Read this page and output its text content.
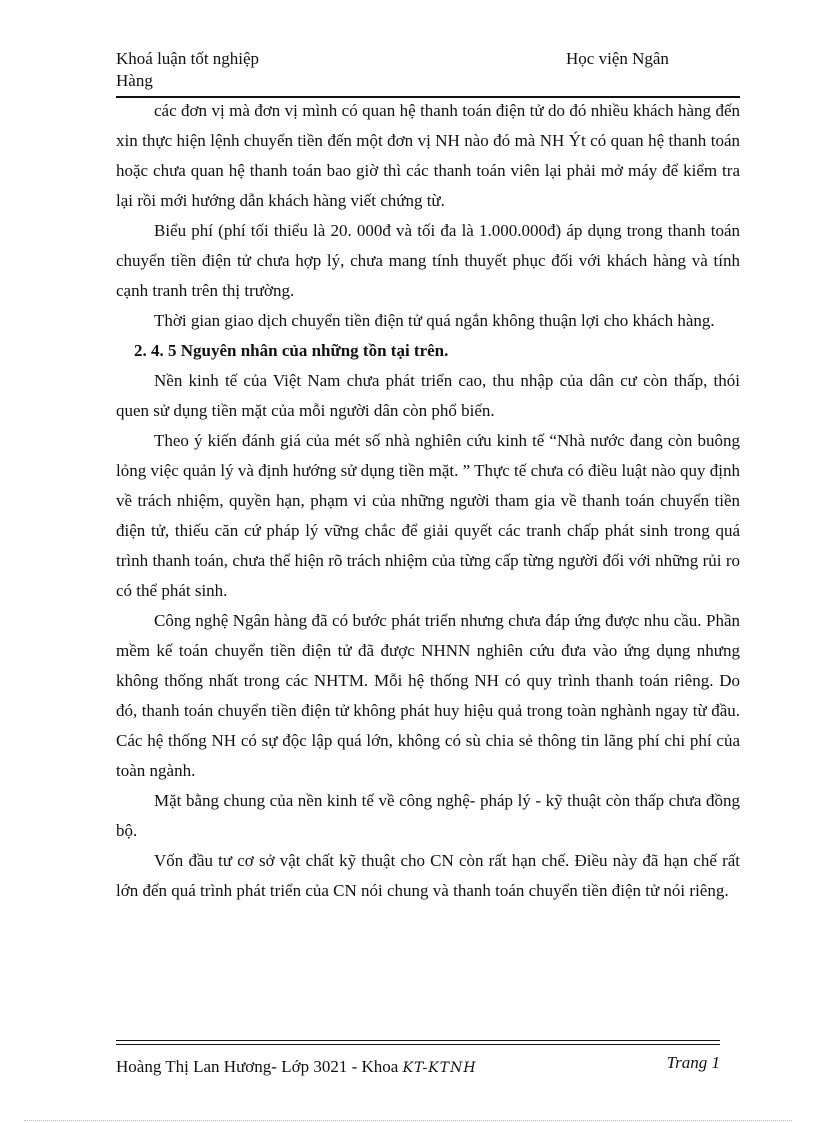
Khoá luận tốt nghiệp
Hàng
Học viện Ngân

các đơn vị mà đơn vị mình có quan hệ thanh toán điện tử do đó nhiều khách hàng đến xin thực hiện lệnh chuyển tiền đến một đơn vị NH nào đó mà NH Ýt có quan hệ thanh toán hoặc chưa quan hệ thanh toán bao giờ thì các thanh toán viên lại phải mở máy để kiểm tra lại rồi mới hướng dẫn khách hàng viết chứng từ.

Biểu phí (phí tối thiểu là 20. 000đ và tối đa là 1.000.000đ) áp dụng trong thanh toán chuyển tiền điện tử chưa hợp lý, chưa mang tính thuyết phục đối với khách hàng và tính cạnh tranh trên thị trường.

Thời gian giao dịch chuyển tiền điện tử quá ngắn không thuận lợi cho khách hàng.

2. 4. 5 Nguyên nhân của những tồn tại trên.

Nền kinh tế của Việt Nam chưa phát triển cao, thu nhập của dân cư còn thấp, thói quen sử dụng tiền mặt của mỗi người dân còn phổ biến.

Theo ý kiến đánh giá của mét số nhà nghiên cứu kinh tế “Nhà nước đang còn buông lỏng việc quản lý và định hướng sử dụng tiền mặt. ” Thực tế chưa có điều luật nào quy định về trách nhiệm, quyền hạn, phạm vi của những người tham gia về thanh toán chuyển tiền điện tử, thiếu căn cứ pháp lý vững chắc để giải quyết các tranh chấp phát sinh trong quá trình thanh toán, chưa thể hiện rõ trách nhiệm của từng cấp từng người đối với những rủi ro có thể phát sinh.

Công nghệ Ngân hàng đã có bước phát triển nhưng chưa đáp ứng được nhu cầu. Phần mềm kế toán chuyển tiền điện tử đã được NHNN nghiên cứu đưa vào ứng dụng nhưng không thống nhất trong các NHTM. Mỗi hệ thống NH có quy trình thanh toán riêng. Do đó, thanh toán chuyển tiền điện tử không phát huy hiệu quả trong toàn nghành ngay từ đầu. Các hệ thống NH có sự độc lập quá lớn, không có sù chia sẻ thông tin lãng phí chi phí của toàn ngành.

Mặt bằng chung của nền kinh tế về công nghệ- pháp lý - kỹ thuật còn thấp chưa đồng bộ.

Vốn đầu tư cơ sở vật chất kỹ thuật cho CN còn rất hạn chế. Điều này đã hạn chế rất lớn đến quá trình phát triển của CN nói chung và thanh toán chuyển tiền điện tử nói riêng.

Hoàng Thị Lan Hương- Lớp 3021 - Khoa KT-KTNH	Trang 1
